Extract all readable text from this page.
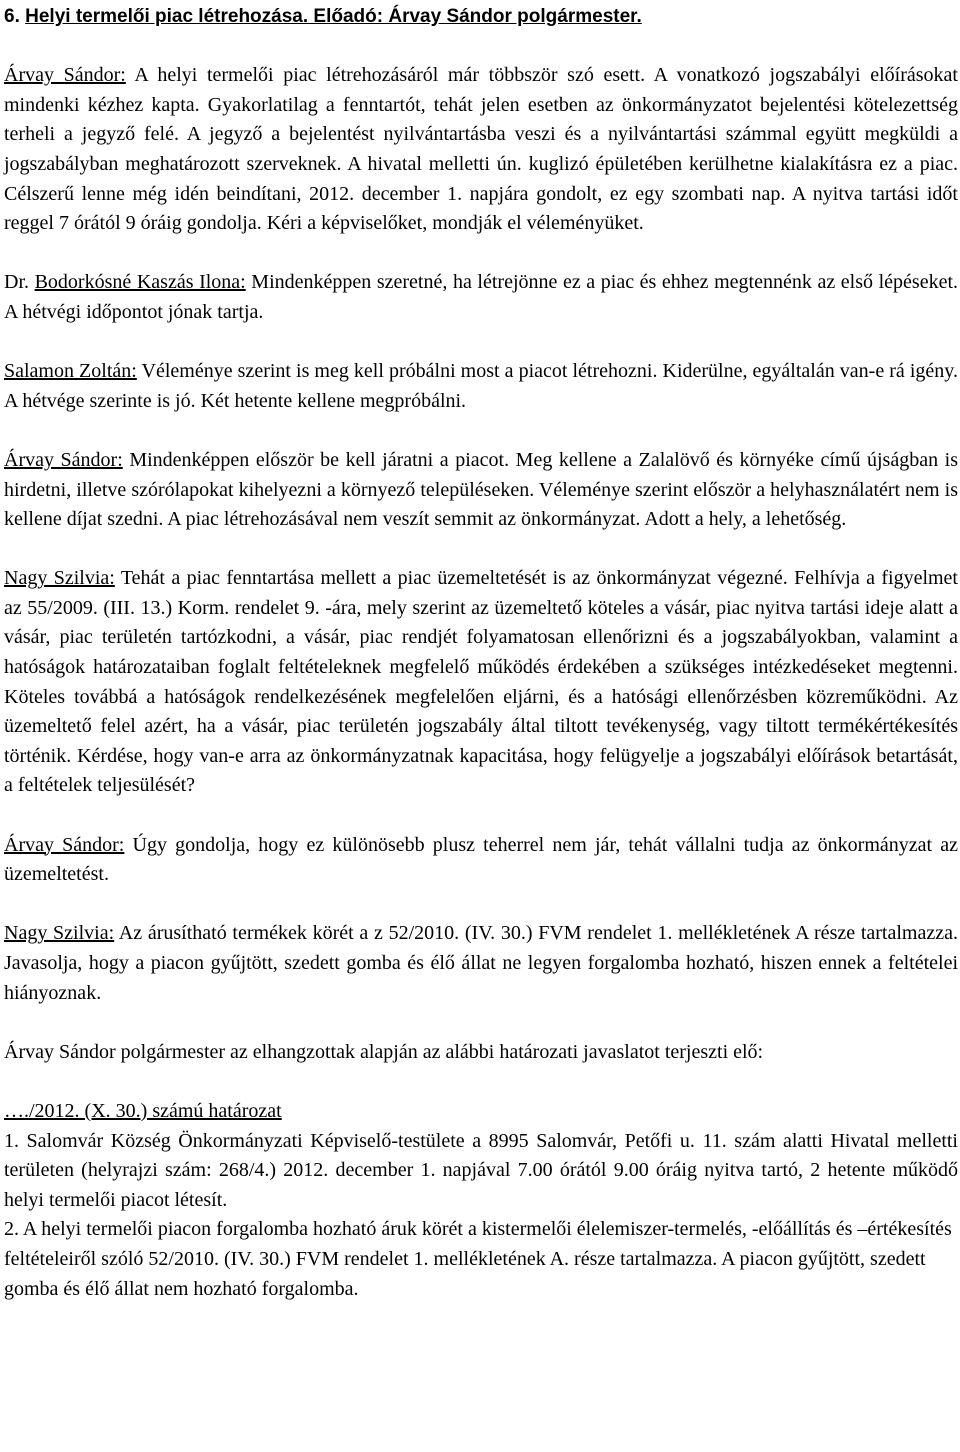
6. Helyi termelői piac létrehozása. Előadó: Árvay Sándor polgármester.

Árvay Sándor: A helyi termelői piac létrehozásáról már többször szó esett. A vonatkozó jogszabályi előírásokat mindenki kézhez kapta. Gyakorlatilag a fenntartót, tehát jelen esetben az önkormányzatot bejelentési kötelezettség terheli a jegyző felé. A jegyző a bejelentést nyilvántartásba veszi és a nyilvántartási számmal együtt megküldi a jogszabályban meghatározott szerveknek. A hivatal melletti ún. kuglizó épületében kerülhetne kialakításra ez a piac. Célszerű lenne még idén beindítani, 2012. december 1. napjára gondolt, ez egy szombati nap. A nyitva tartási időt reggel 7 órától 9 óráig gondolja. Kéri a képviselőket, mondják el véleményüket.

Dr. Bodorkósné Kaszás Ilona: Mindenképpen szeretné, ha létrejönne ez a piac és ehhez megtennénk az első lépéseket. A hétvégi időpontot jónak tartja.

Salamon Zoltán: Véleménye szerint is meg kell próbálni most a piacot létrehozni. Kiderülne, egyáltalán van-e rá igény. A hétvége szerinte is jó. Két hetente kellene megpróbálni.

Árvay Sándor: Mindenképpen először be kell járatni a piacot. Meg kellene a Zalalövő és környéke című újságban is hirdetni, illetve szórólapokat kihelyezni a környező településeken. Véleménye szerint először a helyhasználatért nem is kellene díjat szedni. A piac létrehozásával nem veszít semmit az önkormányzat. Adott a hely, a lehetőség.

Nagy Szilvia: Tehát a piac fenntartása mellett a piac üzemeltetését is az önkormányzat végezné. Felhívja a figyelmet az 55/2009. (III. 13.) Korm. rendelet 9. -ára, mely szerint az üzemeltető köteles a vásár, piac nyitva tartási ideje alatt a vásár, piac területén tartózkodni, a vásár, piac rendjét folyamatosan ellenőrizni és a jogszabályokban, valamint a hatóságok határozataiban foglalt feltételeknek megfelelő működés érdekében a szükséges intézkedéseket megtenni. Köteles továbbá a hatóságok rendelkezésének megfelelően eljárni, és a hatósági ellenőrzésben közreműködni. Az üzemeltető felel azért, ha a vásár, piac területén jogszabály által tiltott tevékenység, vagy tiltott termékértékesítés történik. Kérdése, hogy van-e arra az önkormányzatnak kapacitása, hogy felügyelje a jogszabályi előírások betartását, a feltételek teljesülését?

Árvay Sándor: Úgy gondolja, hogy ez különösebb plusz teherrel nem jár, tehát vállalni tudja az önkormányzat az üzemeltetést.

Nagy Szilvia: Az árusítható termékek körét a z 52/2010. (IV. 30.) FVM rendelet 1. mellékletének A része tartalmazza. Javasolja, hogy a piacon gyűjtött, szedett gomba és élő állat ne legyen forgalomba hozható, hiszen ennek a feltételei hiányoznak.

Árvay Sándor polgármester az elhangzottak alapján az alábbi határozati javaslatot terjeszti elő:

…./2012. (X. 30.) számú határozat

1. Salomvár Község Önkormányzati Képviselő-testülete a 8995 Salomvár, Petőfi u. 11. szám alatti Hivatal melletti területen (helyrajzi szám: 268/4.) 2012. december 1. napjával 7.00 órától 9.00 óráig nyitva tartó, 2 hetente működő helyi termelői piacot létesít.

2. A helyi termelői piacon forgalomba hozható áruk körét a kistermelői élelemiszer-termelés, -előállítás és –értékesítés feltételeiről szóló 52/2010. (IV. 30.) FVM rendelet 1. mellékletének A. része tartalmazza. A piacon gyűjtött, szedett gomba és élő állat nem hozható forgalomba.
